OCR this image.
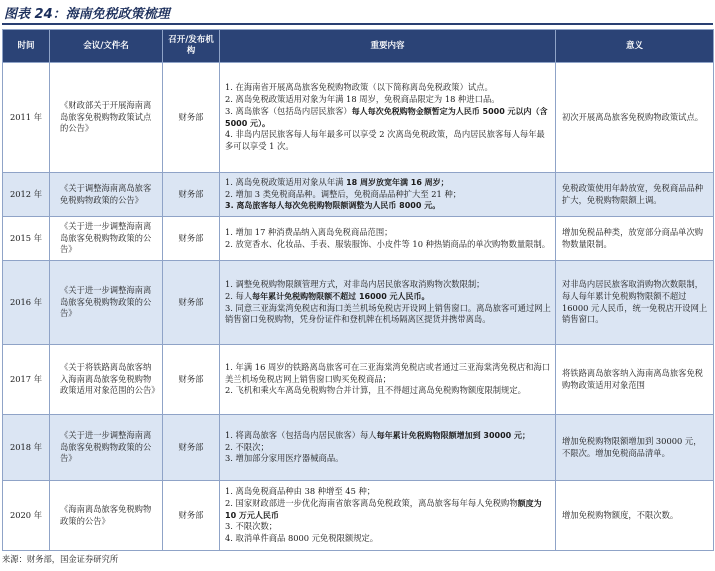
图表 24：海南免税政策梳理
时间	会议/文件名	召开/发布机构	重要内容	意义
2011 年	《财政部关于开展海南离岛旅客免税购物政策试点的公告》	财务部	1. 在海南省开展离岛旅客免税购物政策（以下简称离岛免税政策）试点。
2. 离岛免税政策适用对象为年满 18 周岁，免税商品限定为 18 种进口品。
3. 离岛旅客（包括岛内居民旅客）每人每次免税购物金额暂定为人民币 5000 元以内（含 5000 元）。
4. 非岛内居民旅客每人每年最多可以享受 2 次离岛免税政策，岛内居民旅客每人每年最多可以享受 1 次。	初次开展离岛旅客免税购物政策试点。
2012 年	《关于调整海南离岛旅客免税购物政策的公告》	财务部	1. 离岛免税政策适用对象从年满 18 周岁放宽年满 16 周岁；
2. 增加 3 类免税商品种。调整后，免税商品品种扩大至 21 种；
3. 离岛旅客每人每次免税购物限额调整为人民币 8000 元。	免税政策使用年龄放宽，免税商品品种扩大，免税购物限额上调。
2015 年	《关于进一步调整海南离岛旅客免税购物政策的公告》	财务部	1. 增加 17 种消费品纳入离岛免税商品范围；
2. 放宽香水、化妆品、手表、服装服饰、小皮件等 10 种热销商品的单次购物数量限制。	增加免税品种类，放宽部分商品单次购物数量限制。
2016 年	《关于进一步调整海南离岛旅客免税购物政策的公告》	财务部	1. 调整免税购物限额管理方式，对非岛内居民旅客取消购物次数限制；
2. 每人每年累计免税购物限额不超过 16000 元人民币。
3. 同意三亚海棠湾免税店和海口美兰机场免税店开设网上销售窗口。离岛旅客可通过网上销售窗口免税购物，凭身份证件和登机牌在机场隔离区提货并携带离岛。	对非岛内居民旅客取消购物次数限制，每人每年累计免税购物限额不超过 16000 元人民币，统一免税店开设网上销售窗口。
2017 年	《关于将铁路离岛旅客纳入海南离岛旅客免税购物政策适用对象范围的公告》	财务部	1. 年满 16 周岁的铁路离岛旅客可在三亚海棠湾免税店或者通过三亚海棠湾免税店和海口美兰机场免税店网上销售窗口购买免税商品；
2. 飞机和乘火车离岛免税购物合并计算，且不得超过离岛免税购物额度限制规定。	将铁路离岛旅客纳入海南离岛旅客免税购物政策适用对象范围
2018 年	《关于进一步调整海南离岛旅客免税购物政策的公告》	财务部	1. 将离岛旅客（包括岛内居民旅客）每人每年累计免税购物限额增加到 30000 元；
2. 不限次；
3. 增加部分家用医疗器械商品。	增加免税购物限额增加到 30000 元，不限次。增加免税商品清单。
2020 年	《海南离岛旅客免税购物政策的公告》	财务部	1. 离岛免税商品种由 38 种增至 45 种；
2. 国家财政部进一步优化海南省旅客离岛免税政策，离岛旅客每年每人免税购物额度为 10 万元人民币
3. 不限次数；
4. 取消单件商品 8000 元免税限额规定。	增加免税购物额度，不限次数。
来源：财务部，国金证券研究所
